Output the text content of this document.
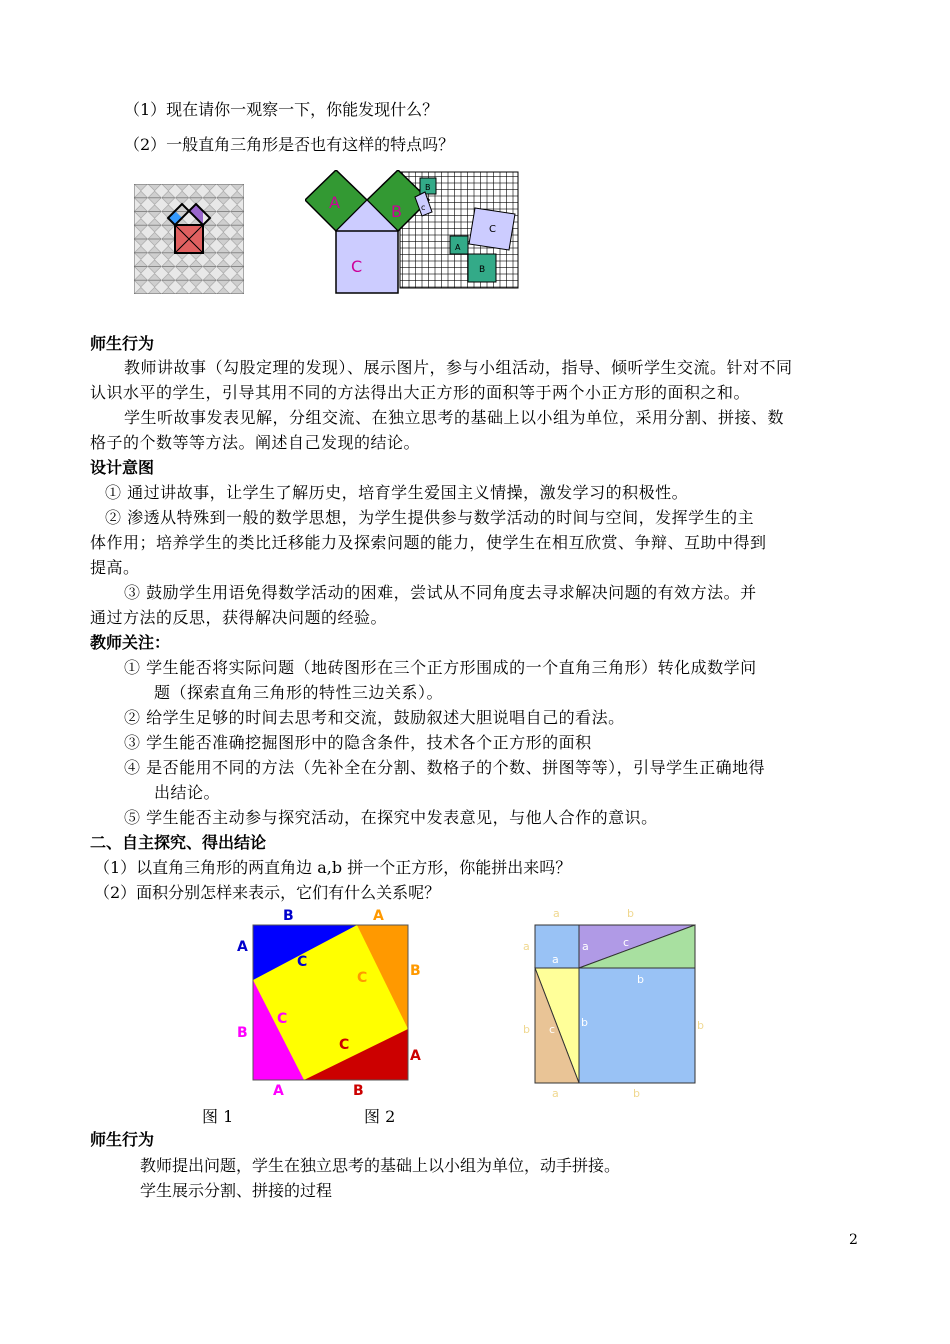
（1）现在请你一观察一下，你能发现什么？
（2）一般直角三角形是否也有这样的特点吗？
A	B
C
B
c
C
A
B
师生行为
教师讲故事（勾股定理的发现）、展示图片，参与小组活动，指导、倾听学生交流。针对不同
认识水平的学生，引导其用不同的方法得出大正方形的面积等于两个小正方形的面积之和。
学生听故事发表见解，分组交流、在独立思考的基础上以小组为单位，采用分割、拼接、数
格子的个数等等方法。阐述自己发现的结论。
设计意图
① 通过讲故事，让学生了解历史，培育学生爱国主义情操，激发学习的积极性。
② 渗透从特殊到一般的数学思想，为学生提供参与数学活动的时间与空间，发挥学生的主
体作用；培养学生的类比迁移能力及探索问题的能力，使学生在相互欣赏、争辩、互助中得到
提高。
③ 鼓励学生用语免得数学活动的困难，尝试从不同角度去寻求解决问题的有效方法。并
通过方法的反思，获得解决问题的经验。
教师关注：
① 学生能否将实际问题（地砖图形在三个正方形围成的一个直角三角形）转化成数学问
题（探索直角三角形的特性三边关系）。
② 给学生足够的时间去思考和交流，鼓励叙述大胆说唱自己的看法。
③ 学生能否准确挖掘图形中的隐含条件，技术各个正方形的面积
④ 是否能用不同的方法（先补全在分割、数格子的个数、拼图等等），引导学生正确地得
出结论。
⑤ 学生能否主动参与探究活动，在探究中发表意见，与他人合作的意识。
二、自主探究、得出结论
（1）以直角三角形的两直角边 a,b 拼一个正方形，你能拼出来吗？
（2）面积分别怎样来表示，它们有什么关系呢？
B	A
A
B
B
A
A	B
C
C
C
C
a	b
a
a
a	c
b
b c
b	b
a	b
图 1	图 2
师生行为
教师提出问题，学生在独立思考的基础上以小组为单位，动手拼接。
学生展示分割、拼接的过程
2
